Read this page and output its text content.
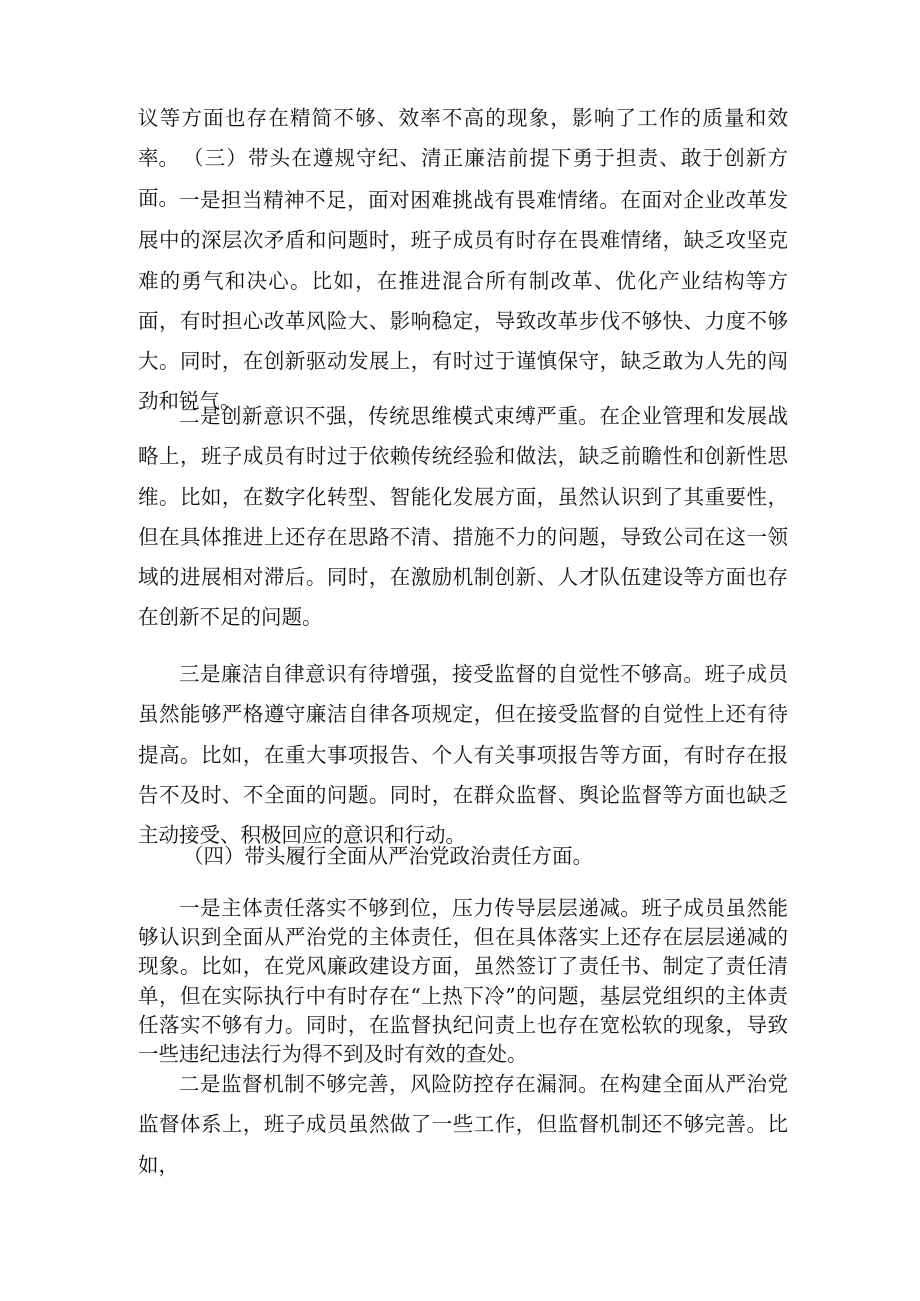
议等方面也存在精简不够、效率不高的现象，影响了工作的质量和效率。 （三）带头在遵规守纪、清正廉洁前提下勇于担责、敢于创新方面。 一是担当精神不足，面对困难挑战有畏难情绪。在面对企业改革发展中的深层次矛盾和问题时，班子成员有时存在畏难情绪，缺乏攻坚克难的勇气和决心。比如，在推进混合所有制改革、优化产业结构等方面，有时担心改革风险大、影响稳定，导致改革步伐不够快、力度不够大。同时，在创新驱动发展上，有时过于谨慎保守，缺乏敢为人先的闯劲和锐气。

二是创新意识不强，传统思维模式束缚严重。在企业管理和发展战略上，班子成员有时过于依赖传统经验和做法，缺乏前瞻性和创新性思维。比如，在数字化转型、智能化发展方面，虽然认识到了其重要性，但在具体推进上还存在思路不清、措施不力的问题，导致公司在这一领域的进展相对滞后。同时，在激励机制创新、人才队伍建设等方面也存在创新不足的问题。

三是廉洁自律意识有待增强，接受监督的自觉性不够高。班子成员虽然能够严格遵守廉洁自律各项规定，但在接受监督的自觉性上还有待提高。比如，在重大事项报告、个人有关事项报告等方面，有时存在报告不及时、不全面的问题。同时，在群众监督、舆论监督等方面也缺乏主动接受、积极回应的意识和行动。

（四）带头履行全面从严治党政治责任方面。

一是主体责任落实不够到位，压力传导层层递减。班子成员虽然能够认识到全面从严治党的主体责任，但在具体落实上还存在层层递减的现象。比如，在党风廉政建设方面，虽然签订了责任书、制定了责任清单，但在实际执行中有时存在“上热下冷”的问题，基层党组织的主体责任落实不够有力。同时，在监督执纪问责上也存在宽松软的现象，导致一些违纪违法行为得不到及时有效的查处。

二是监督机制不够完善，风险防控存在漏洞。在构建全面从严治党监督体系上，班子成员虽然做了一些工作，但监督机制还不够完善。比如，
